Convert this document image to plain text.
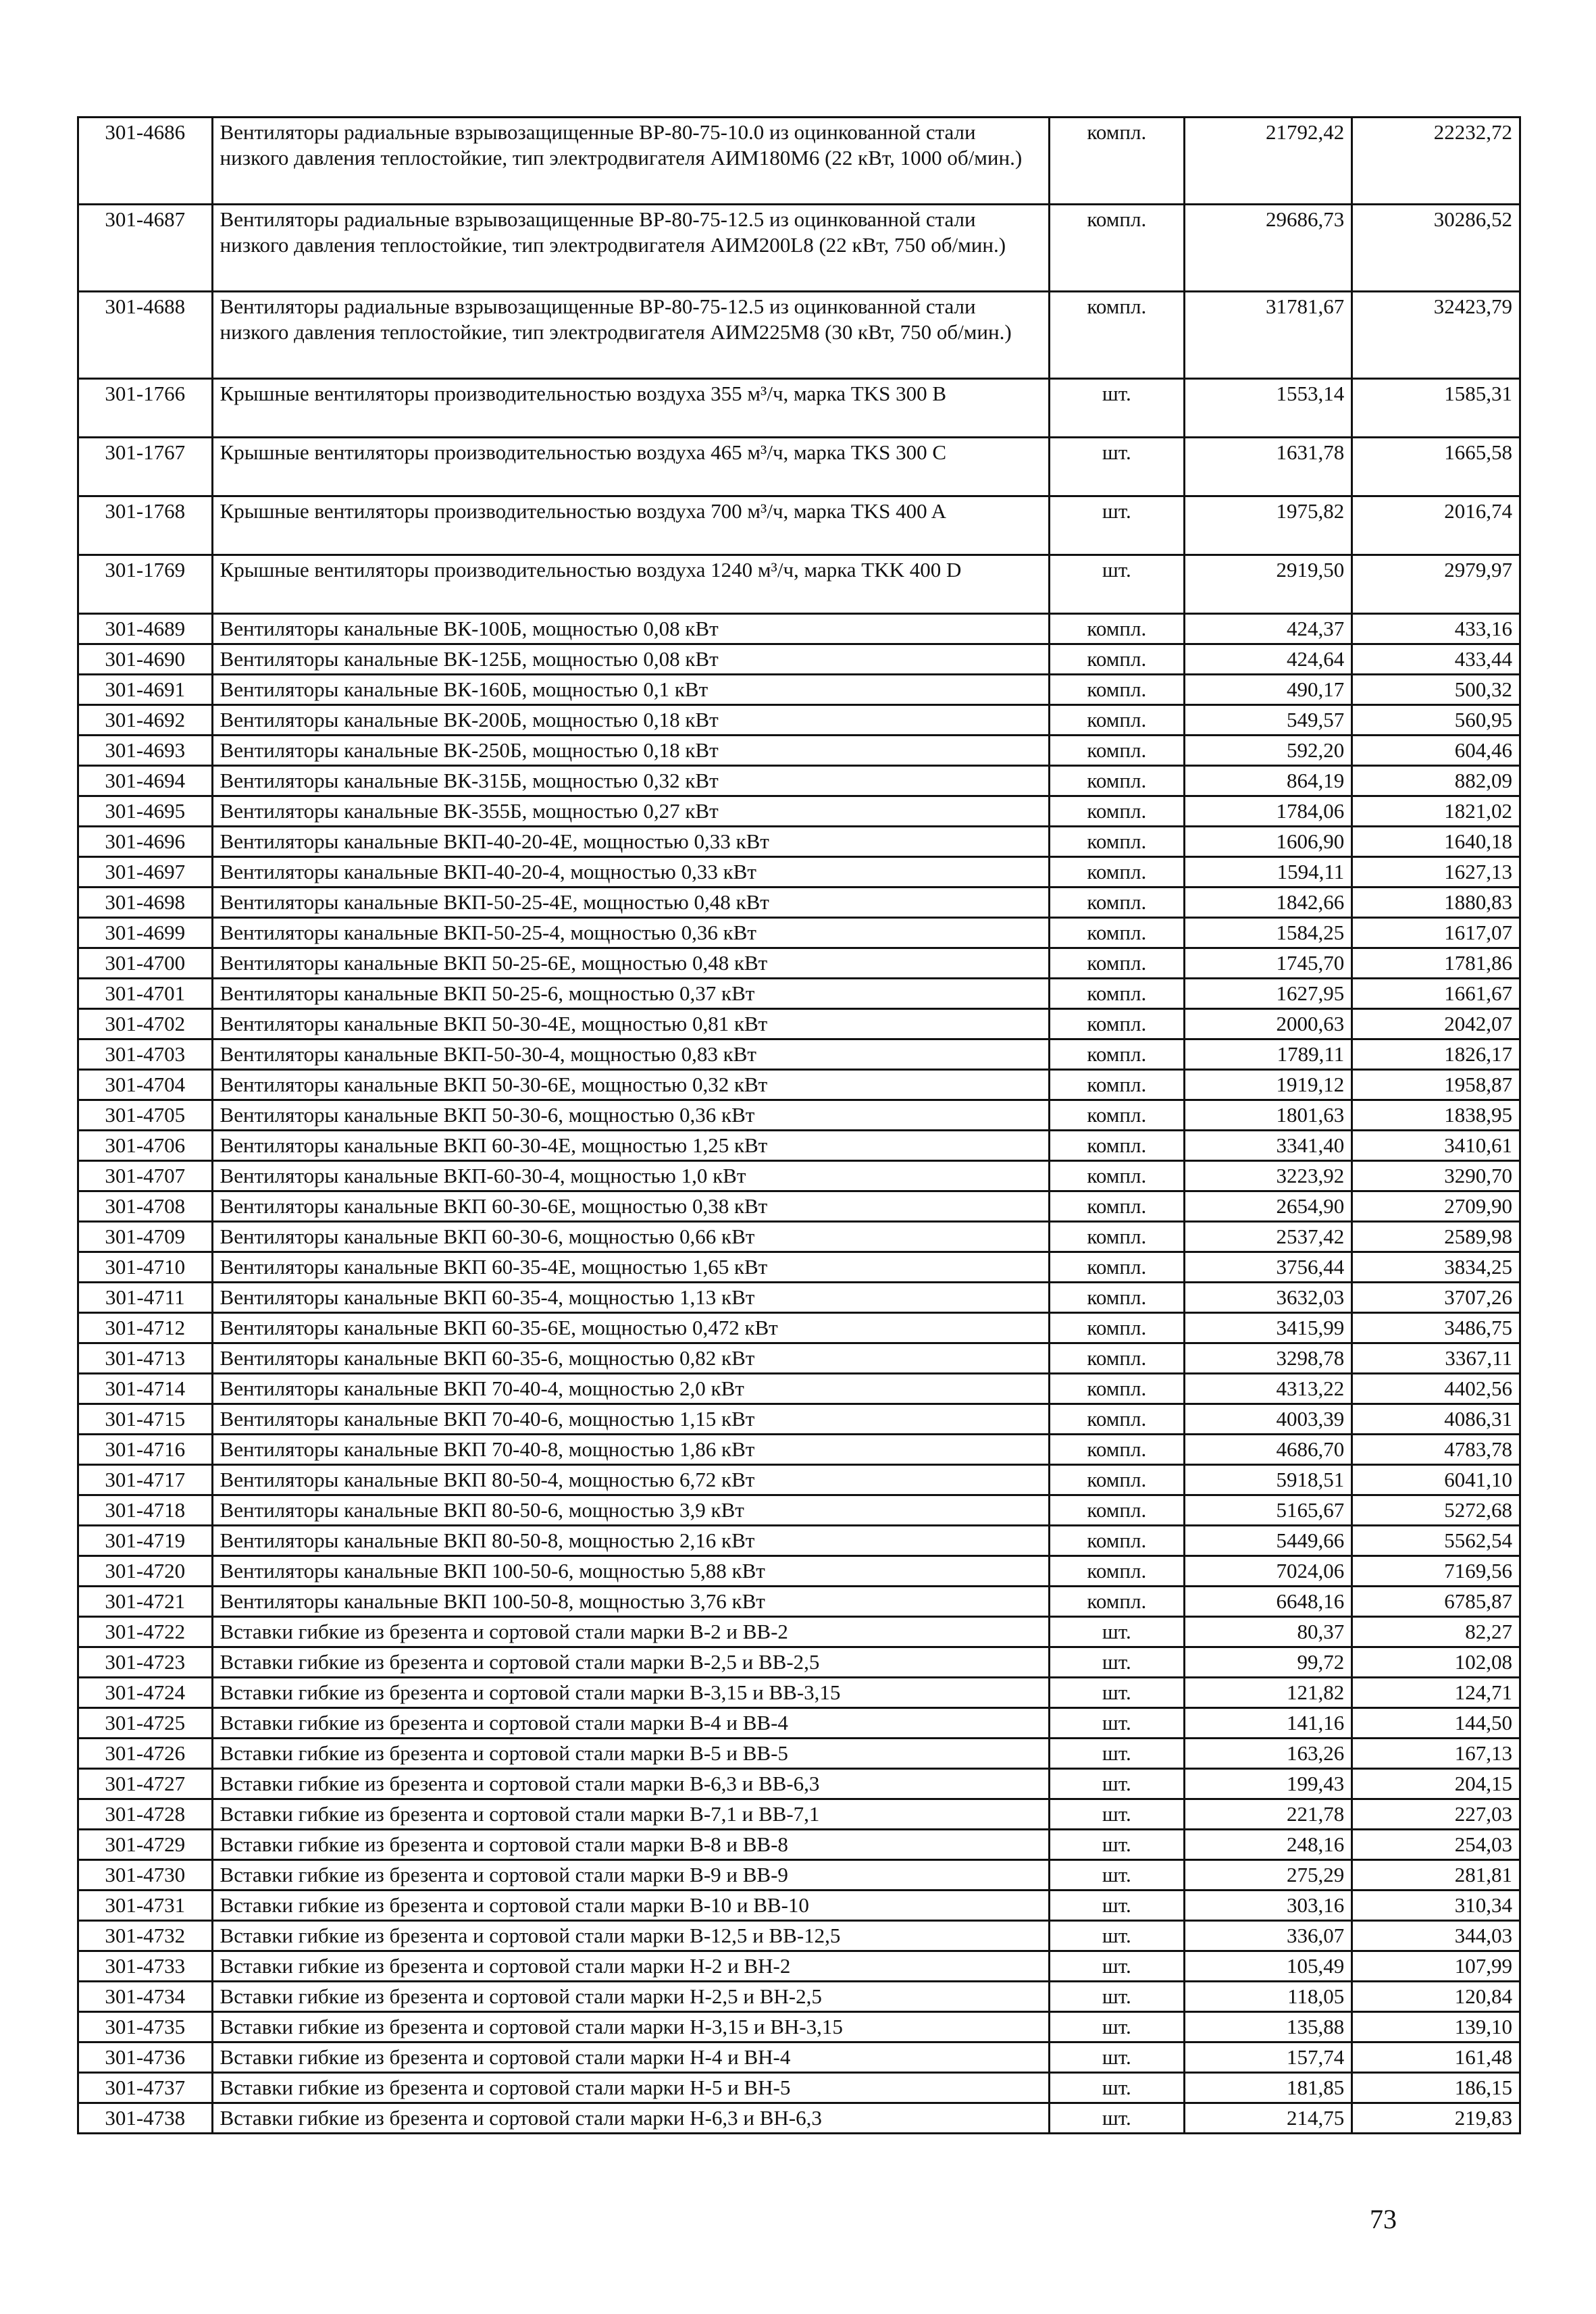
301-4686	Вентиляторы радиальные взрывозащищенные ВР-80-75-10.0 из оцинкованной стали низкого давления теплостойкие, тип электродвигателя АИМ180М6 (22 кВт, 1000 об/мин.)	компл.	21792,42	22232,72
301-4687	Вентиляторы радиальные взрывозащищенные ВР-80-75-12.5 из оцинкованной стали низкого давления теплостойкие, тип электродвигателя АИМ200L8 (22 кВт, 750 об/мин.)	компл.	29686,73	30286,52
301-4688	Вентиляторы радиальные взрывозащищенные ВР-80-75-12.5 из оцинкованной стали низкого давления теплостойкие, тип электродвигателя АИМ225М8 (30 кВт, 750 об/мин.)	компл.	31781,67	32423,79
301-1766	Крышные вентиляторы производительностью воздуха 355 м³/ч, марка TKS 300 B	шт.	1553,14	1585,31
301-1767	Крышные вентиляторы производительностью воздуха 465 м³/ч, марка TKS 300 C	шт.	1631,78	1665,58
301-1768	Крышные вентиляторы производительностью воздуха 700 м³/ч, марка TKS 400 A	шт.	1975,82	2016,74
301-1769	Крышные вентиляторы производительностью воздуха 1240 м³/ч, марка TKK 400 D	шт.	2919,50	2979,97
301-4689	Вентиляторы канальные ВК-100Б, мощностью 0,08 кВт	компл.	424,37	433,16
301-4690	Вентиляторы канальные ВК-125Б, мощностью 0,08 кВт	компл.	424,64	433,44
301-4691	Вентиляторы канальные ВК-160Б, мощностью 0,1 кВт	компл.	490,17	500,32
301-4692	Вентиляторы канальные ВК-200Б, мощностью 0,18 кВт	компл.	549,57	560,95
301-4693	Вентиляторы канальные ВК-250Б, мощностью 0,18 кВт	компл.	592,20	604,46
301-4694	Вентиляторы канальные ВК-315Б, мощностью 0,32 кВт	компл.	864,19	882,09
301-4695	Вентиляторы канальные ВК-355Б, мощностью 0,27 кВт	компл.	1784,06	1821,02
301-4696	Вентиляторы канальные ВКП-40-20-4Е, мощностью 0,33 кВт	компл.	1606,90	1640,18
301-4697	Вентиляторы канальные ВКП-40-20-4, мощностью 0,33 кВт	компл.	1594,11	1627,13
301-4698	Вентиляторы канальные ВКП-50-25-4Е, мощностью 0,48 кВт	компл.	1842,66	1880,83
301-4699	Вентиляторы канальные ВКП-50-25-4, мощностью 0,36 кВт	компл.	1584,25	1617,07
301-4700	Вентиляторы канальные ВКП 50-25-6Е, мощностью 0,48 кВт	компл.	1745,70	1781,86
301-4701	Вентиляторы канальные ВКП 50-25-6, мощностью 0,37 кВт	компл.	1627,95	1661,67
301-4702	Вентиляторы канальные ВКП 50-30-4Е, мощностью 0,81 кВт	компл.	2000,63	2042,07
301-4703	Вентиляторы канальные ВКП-50-30-4, мощностью 0,83 кВт	компл.	1789,11	1826,17
301-4704	Вентиляторы канальные ВКП 50-30-6Е, мощностью 0,32 кВт	компл.	1919,12	1958,87
301-4705	Вентиляторы канальные ВКП 50-30-6, мощностью 0,36 кВт	компл.	1801,63	1838,95
301-4706	Вентиляторы канальные ВКП 60-30-4Е, мощностью 1,25 кВт	компл.	3341,40	3410,61
301-4707	Вентиляторы канальные ВКП-60-30-4, мощностью 1,0 кВт	компл.	3223,92	3290,70
301-4708	Вентиляторы канальные ВКП 60-30-6Е, мощностью 0,38 кВт	компл.	2654,90	2709,90
301-4709	Вентиляторы канальные ВКП 60-30-6, мощностью 0,66 кВт	компл.	2537,42	2589,98
301-4710	Вентиляторы канальные ВКП 60-35-4Е, мощностью 1,65 кВт	компл.	3756,44	3834,25
301-4711	Вентиляторы канальные ВКП 60-35-4, мощностью 1,13 кВт	компл.	3632,03	3707,26
301-4712	Вентиляторы канальные ВКП 60-35-6Е, мощностью 0,472 кВт	компл.	3415,99	3486,75
301-4713	Вентиляторы канальные ВКП 60-35-6, мощностью 0,82 кВт	компл.	3298,78	3367,11
301-4714	Вентиляторы канальные ВКП 70-40-4, мощностью 2,0 кВт	компл.	4313,22	4402,56
301-4715	Вентиляторы канальные ВКП 70-40-6, мощностью 1,15 кВт	компл.	4003,39	4086,31
301-4716	Вентиляторы канальные ВКП 70-40-8, мощностью 1,86 кВт	компл.	4686,70	4783,78
301-4717	Вентиляторы канальные ВКП 80-50-4, мощностью 6,72 кВт	компл.	5918,51	6041,10
301-4718	Вентиляторы канальные ВКП 80-50-6, мощностью 3,9 кВт	компл.	5165,67	5272,68
301-4719	Вентиляторы канальные ВКП 80-50-8, мощностью 2,16 кВт	компл.	5449,66	5562,54
301-4720	Вентиляторы канальные ВКП 100-50-6, мощностью 5,88 кВт	компл.	7024,06	7169,56
301-4721	Вентиляторы канальные ВКП 100-50-8, мощностью 3,76 кВт	компл.	6648,16	6785,87
301-4722	Вставки гибкие из брезента и сортовой стали марки В-2 и ВВ-2	шт.	80,37	82,27
301-4723	Вставки гибкие из брезента и сортовой стали марки В-2,5 и ВВ-2,5	шт.	99,72	102,08
301-4724	Вставки гибкие из брезента и сортовой стали марки В-3,15 и ВВ-3,15	шт.	121,82	124,71
301-4725	Вставки гибкие из брезента и сортовой стали марки В-4 и ВВ-4	шт.	141,16	144,50
301-4726	Вставки гибкие из брезента и сортовой стали марки В-5 и ВВ-5	шт.	163,26	167,13
301-4727	Вставки гибкие из брезента и сортовой стали марки В-6,3 и ВВ-6,3	шт.	199,43	204,15
301-4728	Вставки гибкие из брезента и сортовой стали марки В-7,1 и ВВ-7,1	шт.	221,78	227,03
301-4729	Вставки гибкие из брезента и сортовой стали марки В-8 и ВВ-8	шт.	248,16	254,03
301-4730	Вставки гибкие из брезента и сортовой стали марки В-9 и ВВ-9	шт.	275,29	281,81
301-4731	Вставки гибкие из брезента и сортовой стали марки В-10 и ВВ-10	шт.	303,16	310,34
301-4732	Вставки гибкие из брезента и сортовой стали марки В-12,5 и ВВ-12,5	шт.	336,07	344,03
301-4733	Вставки гибкие из брезента и сортовой стали марки Н-2 и ВН-2	шт.	105,49	107,99
301-4734	Вставки гибкие из брезента и сортовой стали марки Н-2,5 и ВН-2,5	шт.	118,05	120,84
301-4735	Вставки гибкие из брезента и сортовой стали марки Н-3,15 и ВН-3,15	шт.	135,88	139,10
301-4736	Вставки гибкие из брезента и сортовой стали марки Н-4 и ВН-4	шт.	157,74	161,48
301-4737	Вставки гибкие из брезента и сортовой стали марки Н-5 и ВН-5	шт.	181,85	186,15
301-4738	Вставки гибкие из брезента и сортовой стали марки Н-6,3 и ВН-6,3	шт.	214,75	219,83
73
